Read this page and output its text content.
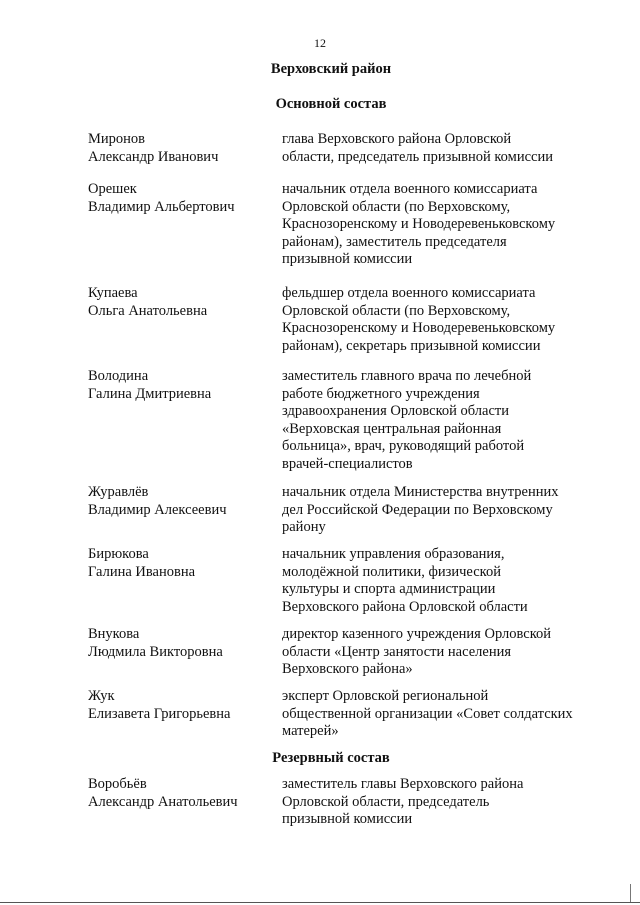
12
Верховский район
Основной состав
Миронов
Александр Иванович
глава Верховского района Орловской
области, председатель призывной комиссии
Орешек
Владимир Альбертович
начальник отдела военного комиссариата
Орловской области (по Верховскому,
Краснозоренскому и Новодеревеньковскому
районам), заместитель председателя
призывной комиссии
Купаева
Ольга Анатольевна
фельдшер отдела военного комиссариата
Орловской области (по Верховскому,
Краснозоренскому и Новодеревеньковскому
районам), секретарь призывной комиссии
Володина
Галина Дмитриевна
заместитель главного врача по лечебной
работе бюджетного учреждения
здравоохранения Орловской области
«Верховская центральная районная
больница», врач, руководящий работой
врачей-специалистов
Журавлёв
Владимир Алексеевич
начальник отдела Министерства внутренних
дел Российской Федерации по Верховскому
району
Бирюкова
Галина Ивановна
начальник управления образования,
молодёжной политики, физической
культуры и спорта администрации
Верховского района Орловской области
Внукова
Людмила Викторовна
директор казенного учреждения Орловской
области «Центр занятости населения
Верховского района»
Жук
Елизавета Григорьевна
эксперт Орловской региональной
общественной организации «Совет солдатских
матерей»
Резервный состав
Воробьёв
Александр Анатольевич
заместитель главы Верховского района
Орловской области, председатель
призывной комиссии
